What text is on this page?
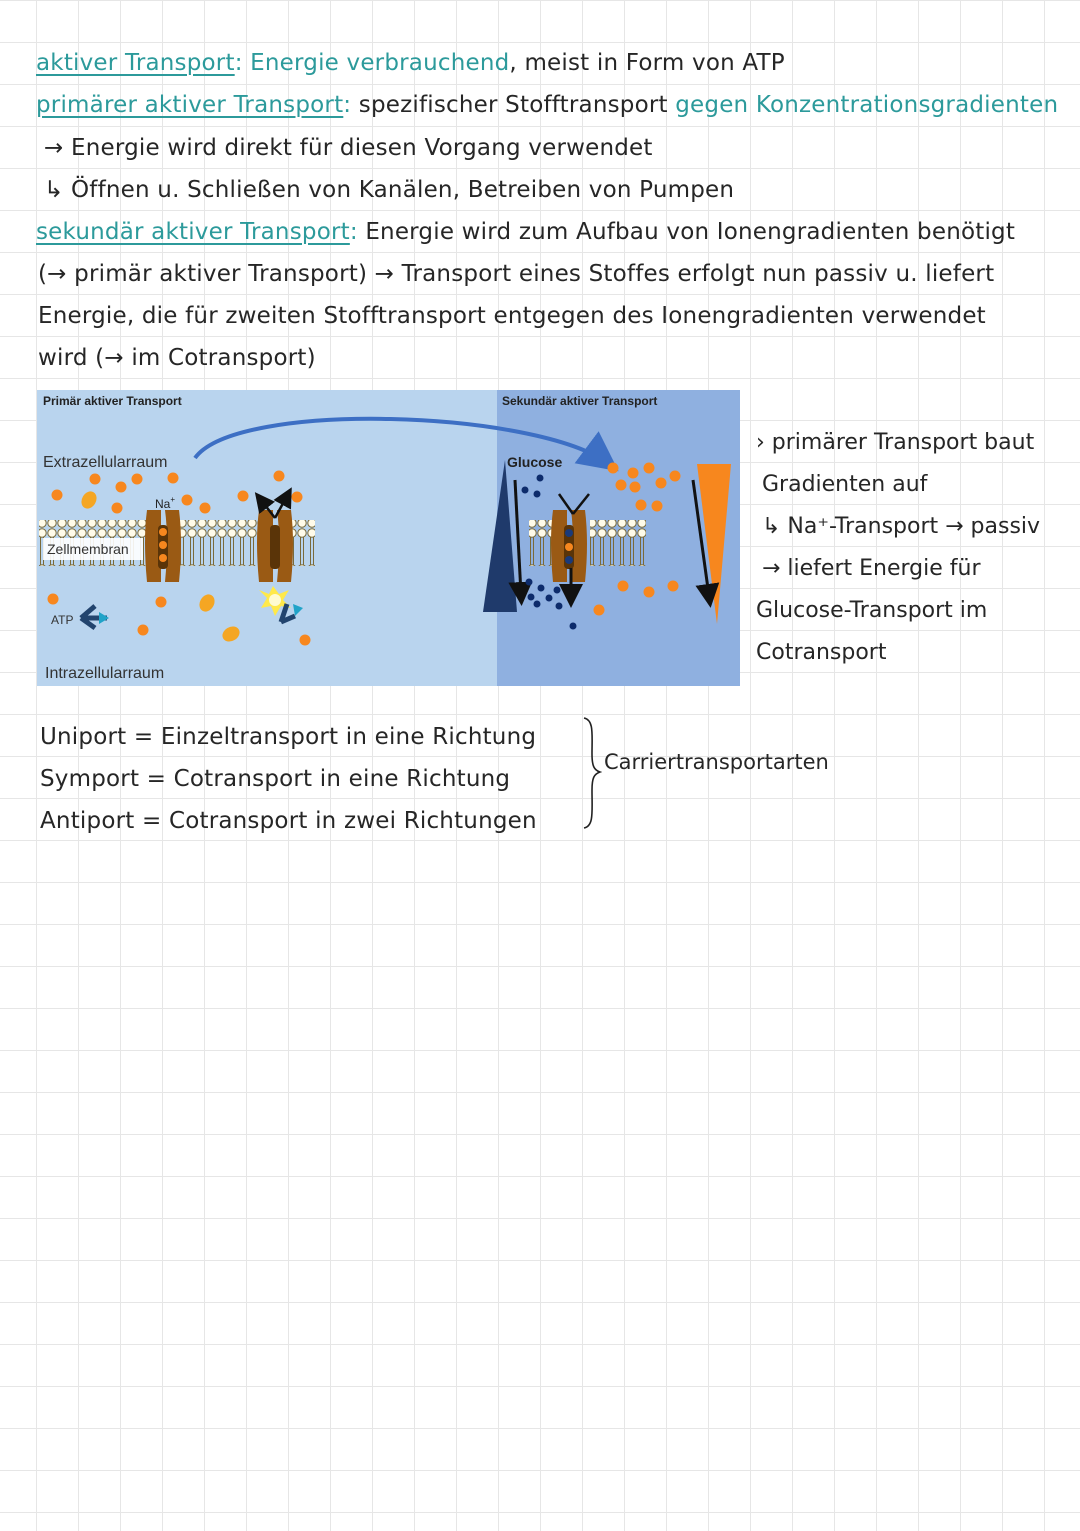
aktiver Transport: Energie verbrauchend, meist in Form von ATP
primärer aktiver Transport: spezifischer Stofftransport gegen Konzentrationsgradienten
→ Energie wird direkt für diesen Vorgang verwendet
↳ Öffnen u. Schließen von Kanälen, Betreiben von Pumpen
sekundär aktiver Transport: Energie wird zum Aufbau von Ionengradienten benötigt
(→ primär aktiver Transport) → Transport eines Stoffes erfolgt nun passiv u. liefert
Energie, die für zweiten Stofftransport entgegen des Ionengradienten verwendet
wird (→ im Cotransport)
Primär aktiver Transport	Sekundär aktiver Transport
Extrazellularraum
Intrazellularraum
Glucose
Zellmembran
ATP
Na+
› primärer Transport baut
Gradienten auf
↳ Na⁺-Transport → passiv
→ liefert Energie für
Glucose-Transport im
Cotransport
Uniport = Einzeltransport in eine Richtung
Symport = Cotransport in eine Richtung
Antiport = Cotransport in zwei Richtungen
Carriertransportarten
